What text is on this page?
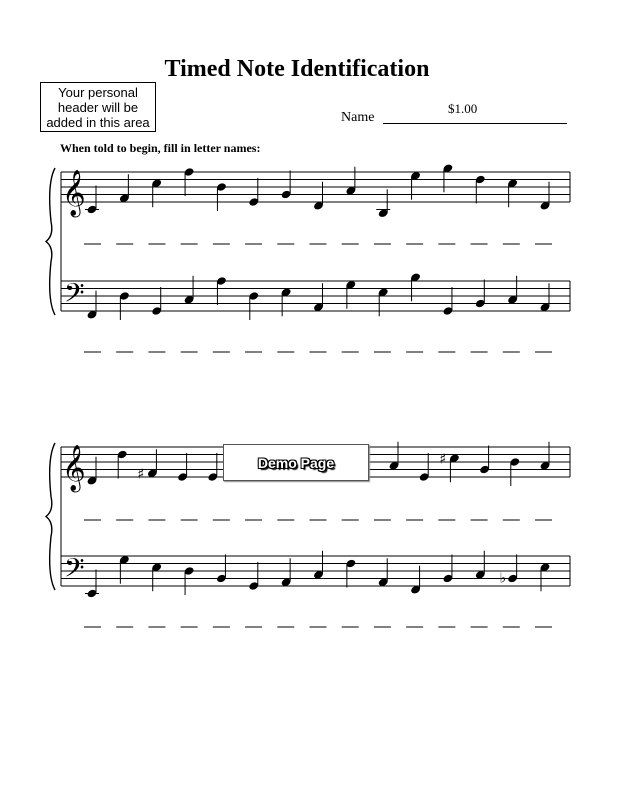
Timed Note Identification
Your personal header will be added in this area
$1.00
Name
When told to begin, fill in letter names:
𝄞
𝄢
𝄞
𝄢
♯
♯
♭
Demo Page
